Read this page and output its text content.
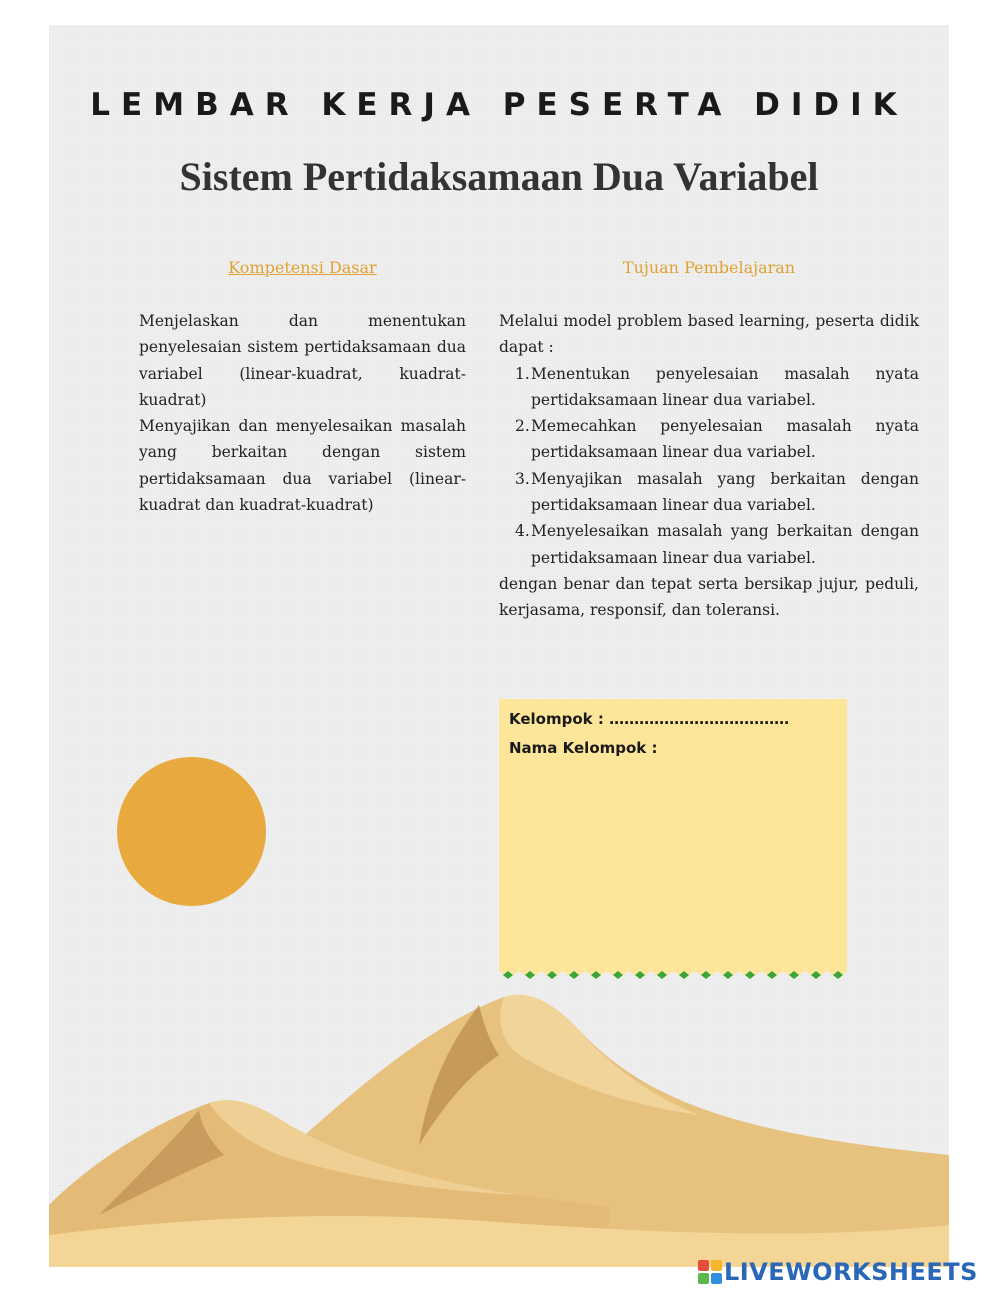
LEMBAR KERJA PESERTA DIDIK
Sistem Pertidaksamaan Dua Variabel
Kompetensi Dasar	Tujuan Pembelajaran

Menjelaskan dan menentukan penyelesaian sistem pertidaksamaan dua variabel (linear-kuadrat, kuadrat-kuadrat)

Menyajikan dan menyelesaikan masalah yang berkaitan dengan sistem pertidaksamaan dua variabel (linear-kuadrat dan kuadrat-kuadrat)

Melalui model problem based learning, peserta didik dapat :

1. Menentukan penyelesaian masalah nyata pertidaksamaan linear dua variabel.
2. Memecahkan penyelesaian masalah nyata pertidaksamaan linear dua variabel.
3. Menyajikan masalah yang berkaitan dengan pertidaksamaan linear dua variabel.
4. Menyelesaikan masalah yang berkaitan dengan pertidaksamaan linear dua variabel.

dengan benar dan tepat serta bersikap jujur, peduli, kerjasama, responsif, dan toleransi.

Kelompok : ………………………………
Nama Kelompok :
LIVEWORKSHEETS
